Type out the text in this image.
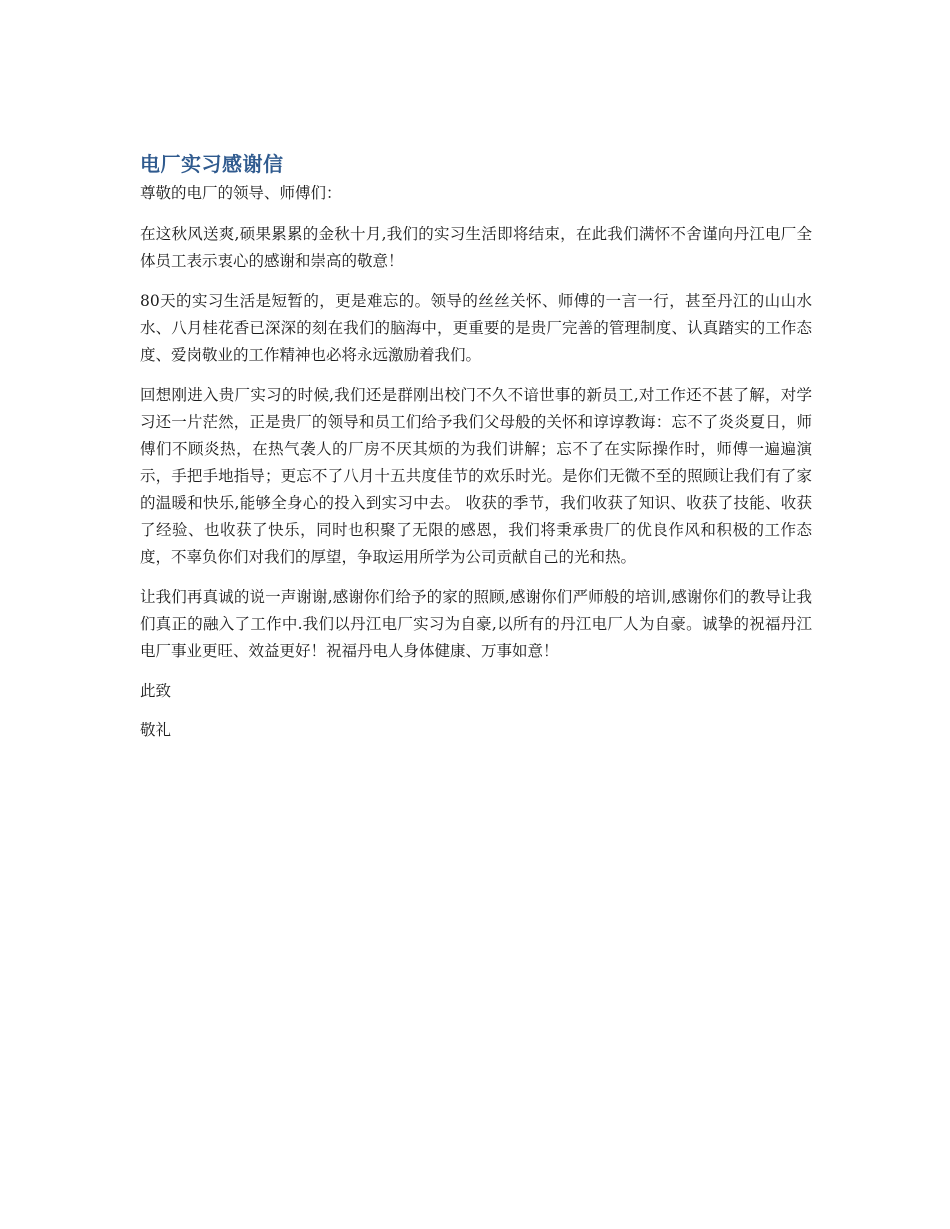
电厂实习感谢信

尊敬的电厂的领导、师傅们：

在这秋风送爽,硕果累累的金秋十月,我们的实习生活即将结束，在此我们满怀不舍谨向丹江电厂全体员工表示衷心的感谢和崇高的敬意！

80天的实习生活是短暂的，更是难忘的。领导的丝丝关怀、师傅的一言一行，甚至丹江的山山水水、八月桂花香已深深的刻在我们的脑海中，更重要的是贵厂完善的管理制度、认真踏实的工作态度、爱岗敬业的工作精神也必将永远激励着我们。

回想刚进入贵厂实习的时候,我们还是群刚出校门不久不谙世事的新员工,对工作还不甚了解，对学习还一片茫然，正是贵厂的领导和员工们给予我们父母般的关怀和谆谆教诲：忘不了炎炎夏日，师傅们不顾炎热，在热气袭人的厂房不厌其烦的为我们讲解；忘不了在实际操作时，师傅一遍遍演示，手把手地指导；更忘不了八月十五共度佳节的欢乐时光。是你们无微不至的照顾让我们有了家的温暖和快乐,能够全身心的投入到实习中去。 收获的季节，我们收获了知识、收获了技能、收获了经验、也收获了快乐，同时也积聚了无限的感恩，我们将秉承贵厂的优良作风和积极的工作态度，不辜负你们对我们的厚望，争取运用所学为公司贡献自己的光和热。

让我们再真诚的说一声谢谢,感谢你们给予的家的照顾,感谢你们严师般的培训,感谢你们的教导让我们真正的融入了工作中.我们以丹江电厂实习为自豪,以所有的丹江电厂人为自豪。诚挚的祝福丹江电厂事业更旺、效益更好！祝福丹电人身体健康、万事如意！

此致

敬礼
